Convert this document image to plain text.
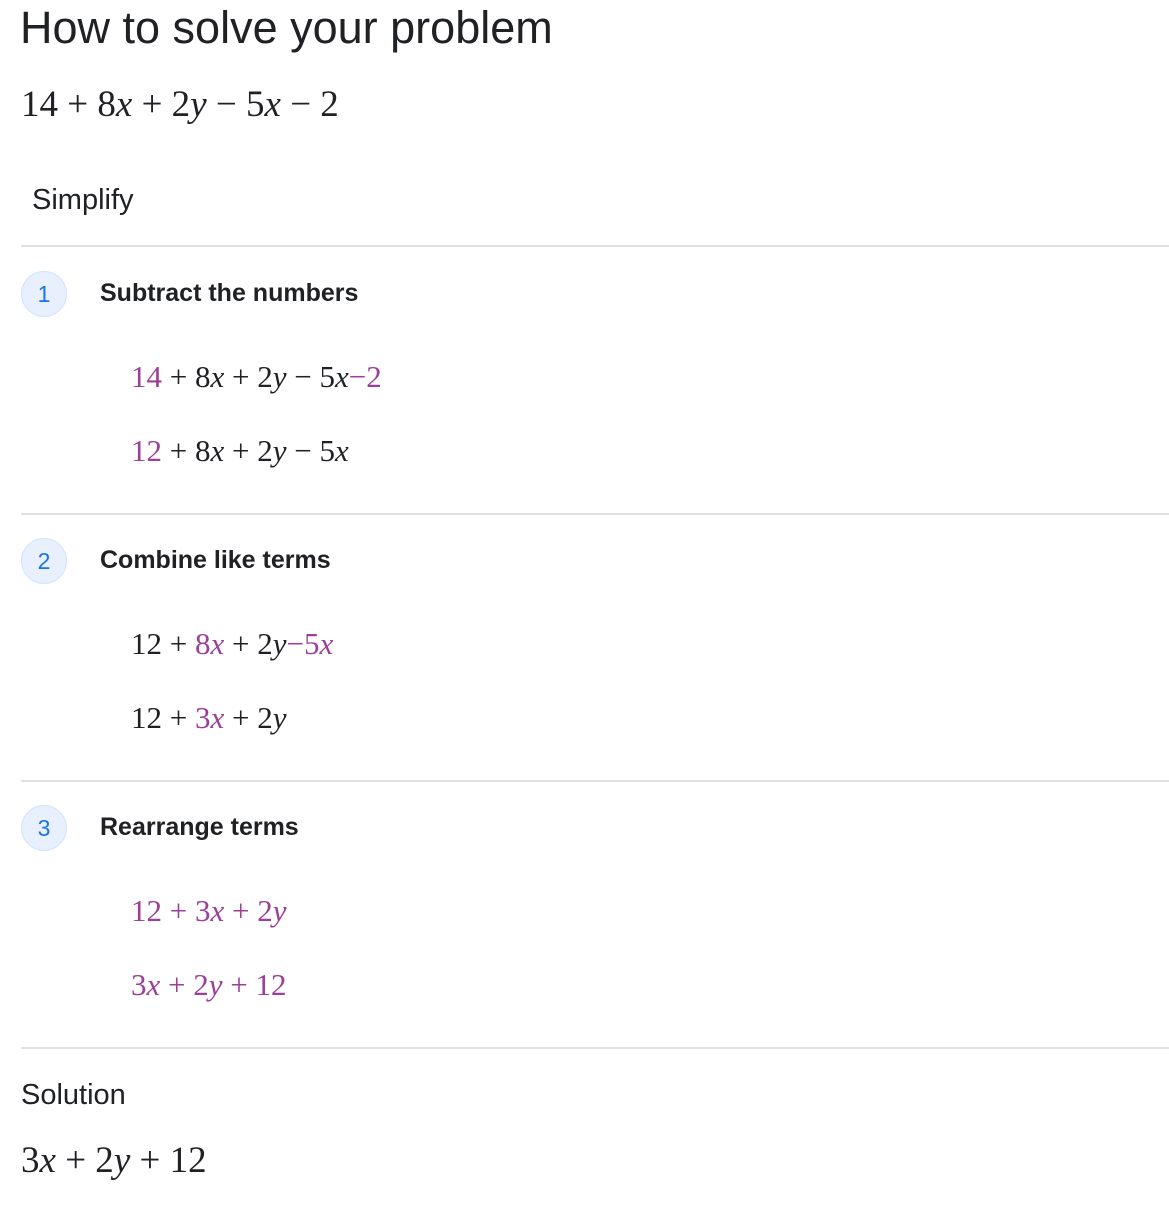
How to solve your problem
14 + 8x + 2y − 5x − 2
Simplify
1	Subtract the numbers
14 + 8x + 2y − 5x−2
12 + 8x + 2y − 5x
2	Combine like terms
12 + 8x + 2y−5x
12 + 3x + 2y
3	Rearrange terms
12 + 3x + 2y
3x + 2y + 12
Solution
3x + 2y + 12
